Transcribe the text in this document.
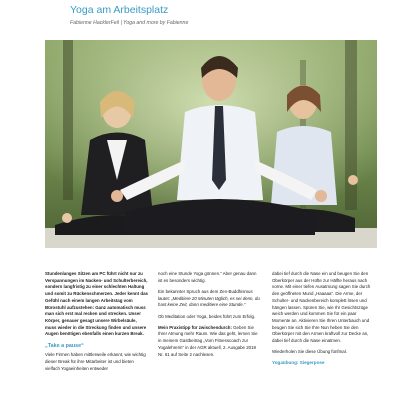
Yoga am Arbeitsplatz
Fabienne HacklerFeil | Yoga and more by Fabienne

Stundenlanges Sitzen am PC führt nicht nur zu Verspannungen im Nacken- und Schulterbereich, sondern langfristig zu einer schlechten Haltung und somit zu Rückenschmerzen. Jeder kennt das Gefühl nach einem langen Arbeitstag vom Bürostuhl aufzustehen: Ganz automatisch muss man sich erst mal recken und strecken. Unser Körper, genauer gesagt unsere Wirbelsäule, muss wieder in die Streckung finden und unsere Augen benötigen ebenfalls einen kurzen Break.

„Take a pause“

Viele Firmen haben mittlerweile erkannt, wie wichtig dieser Break für ihre Mitarbeiter ist und bieten vielfach Yogaeinheiten entweder

noch eine Stunde Yoga gönnen.“ Aber genau dann ist es besonders wichtig.

Ein bekannter Spruch aus dem Zen-Buddhismus lautet: „Meditiere 20 Minuten täglich, es sei denn, du hast keine Zeit, dann meditiere eine Stunde.“

Ob Meditation oder Yoga, beides führt zum Erfolg.

Mein Praxistipp für zwischendurch: Geben Sie Ihrer Atmung mehr Raum. Wie das geht, lernen Sie in meinem Gastbeitrag „Vom Fitnesscoach zur Yogalehrerin“ in der AGR aktuell, 2. Ausgabe 2019 Nr. 61 auf Seite 2 nachlesen.

dabei tief durch die Nase ein und beugen Sie den Oberkörper aus der Hüfte zur Hälfte heraus nach vorne. Mit einer tiefen Ausatmung sagen Sie durch den geöffneten Mund „Haaaaa“. Die Arme, der Schulter- und Nackenbereich komplett lösen und hängen lassen. Spüren Sie, wie Ihr Gesichtszüge weich werden und kommen Sie für ein paar Momente an. Aktivieren Sie Ihren Unterbauch und beugen Sie sich Sie Ihre Nun heben Sie den Oberkörper mit den Armen kraftvoll zur Decke an, dabei tief durch die Nase einatmen.

Wiederholen Sie diese Übung fünfmal.

Yogaübung: Siegerpose
